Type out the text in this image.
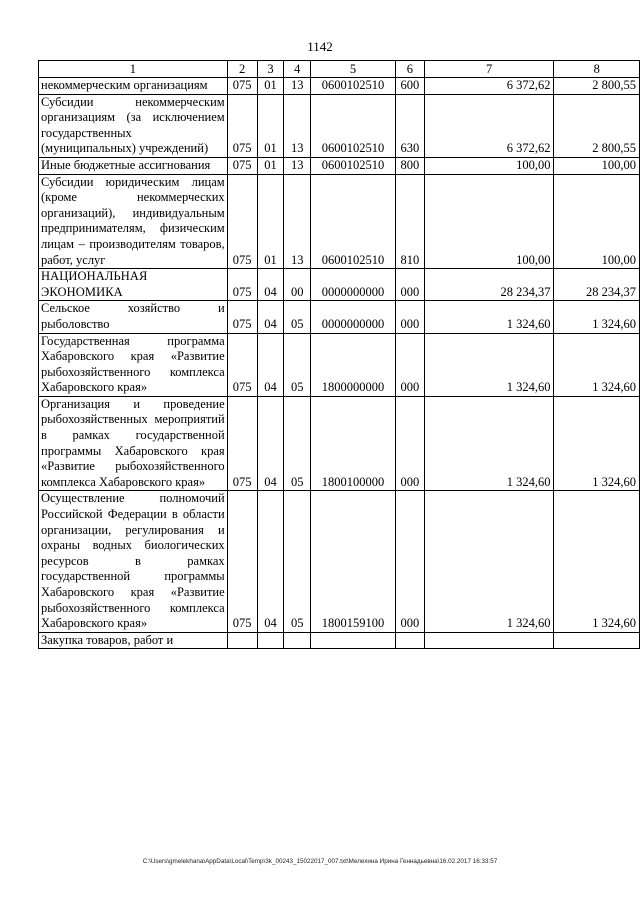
1142
1	2	3	4	5	6	7	8
некоммерческим организациям	075	01	13	0600102510	600	6 372,62	2 800,55
Субсидии некоммерческим организациям (за исключением государственных (муниципальных) учреждений)	075	01	13	0600102510	630	6 372,62	2 800,55
Иные бюджетные ассигнования	075	01	13	0600102510	800	100,00	100,00
Субсидии юридическим лицам (кроме некоммерческих организаций), индивидуальным предпринимателям, физическим лицам – производителям товаров, работ, услуг	075	01	13	0600102510	810	100,00	100,00
НАЦИОНАЛЬНАЯ ЭКОНОМИКА	075	04	00	0000000000	000	28 234,37	28 234,37
Сельское хозяйство и рыболовство	075	04	05	0000000000	000	1 324,60	1 324,60
Государственная программа Хабаровского края «Развитие рыбохозяйственного комплекса Хабаровского края»	075	04	05	1800000000	000	1 324,60	1 324,60
Организация и проведение рыбохозяйственных мероприятий в рамках государственной программы Хабаровского края «Развитие рыбохозяйственного комплекса Хабаровского края»	075	04	05	1800100000	000	1 324,60	1 324,60
Осуществление полномочий Российской Федерации в области организации, регулирования и охраны водных биологических ресурсов в рамках государственной программы Хабаровского края «Развитие рыбохозяйственного комплекса Хабаровского края»	075	04	05	1800159100	000	1 324,60	1 324,60
Закупка товаров, работ и							
C:\Users\gmelekhana\AppData\Local\Temp\3k_00243_15022017_007.txt\Мелехина Ирина Геннадьевна\16.02.2017 16:33:57
